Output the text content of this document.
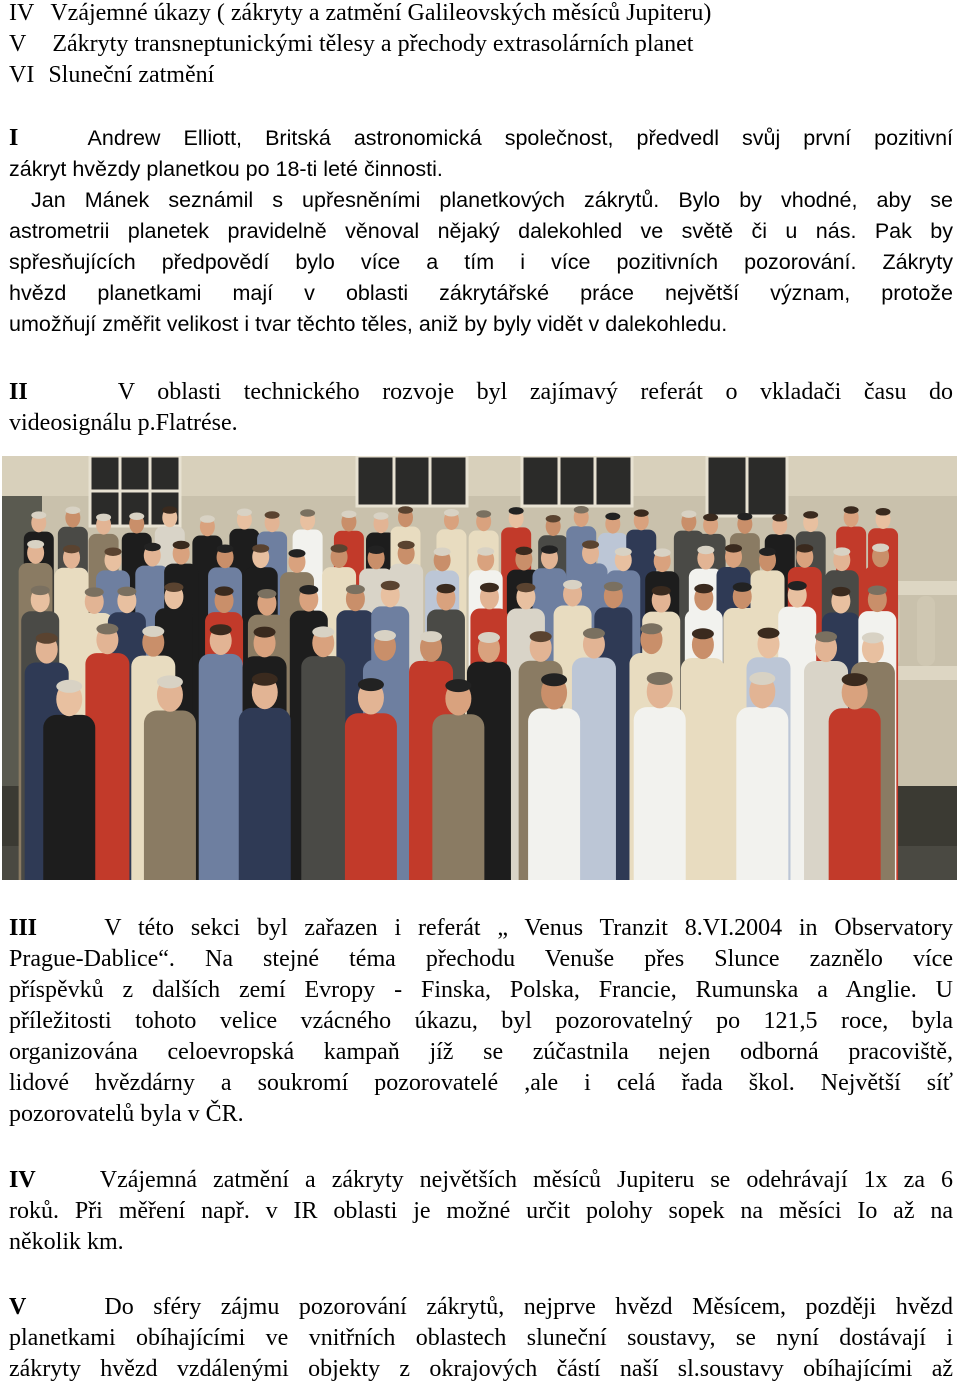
IV Vzájemné úkazy ( zákryty a zatmění Galileovských měsíců Jupiteru)
V Zákryty transneptunickými tělesy a přechody extrasolárních planet
VI Sluneční zatmění
I	Andrew Elliott, Britská astronomická společnost, předvedl svůj první pozitivní
zákryt hvězdy planetkou po 18-ti leté činnosti.
Jan Mánek seznámil s upřesněními planetkových zákrytů. Bylo by vhodné, aby se
astrometrii planetek pravidelně věnoval nějaký dalekohled ve světě či u nás. Pak by
spřesňujících předpovědí bylo více a tím i více pozitivních pozorování. Zákryty
hvězd planetkami mají v oblasti zákrytářské práce největší význam, protože
umožňují změřit velikost i tvar těchto těles, aniž by byly vidět v dalekohledu.
II	V oblasti technického rozvoje byl zajímavý referát o vkladači času do
videosignálu p.Flatrése.
III	V této sekci byl zařazen i referát „ Venus Tranzit 8.VI.2004 in Observatory
Prague-Dablice“. Na stejné téma přechodu Venuše přes Slunce zaznělo více
příspěvků z dalších zemí Evropy - Finska, Polska, Francie, Rumunska a Anglie. U
příležitosti tohoto velice vzácného úkazu, byl pozorovatelný po 121,5 roce, byla
organizována celoevropská kampaň jíž se zúčastnila nejen odborná pracoviště,
lidové hvězdárny a soukromí pozorovatelé ,ale i celá řada škol. Největší síť
pozorovatelů byla v ČR.
IV	Vzájemná zatmění a zákryty největších měsíců Jupiteru se odehrávají 1x za 6
roků. Při měření např. v IR oblasti je možné určit polohy sopek na měsíci Io až na
několik km.
V	Do sféry zájmu pozorování zákrytů, nejprve hvězd Měsícem, později hvězd
planetkami obíhajícími ve vnitřních oblastech sluneční soustavy, se nyní dostávají i
zákryty hvězd vzdálenými objekty z okrajových částí naší sl.soustavy obíhajícími až
